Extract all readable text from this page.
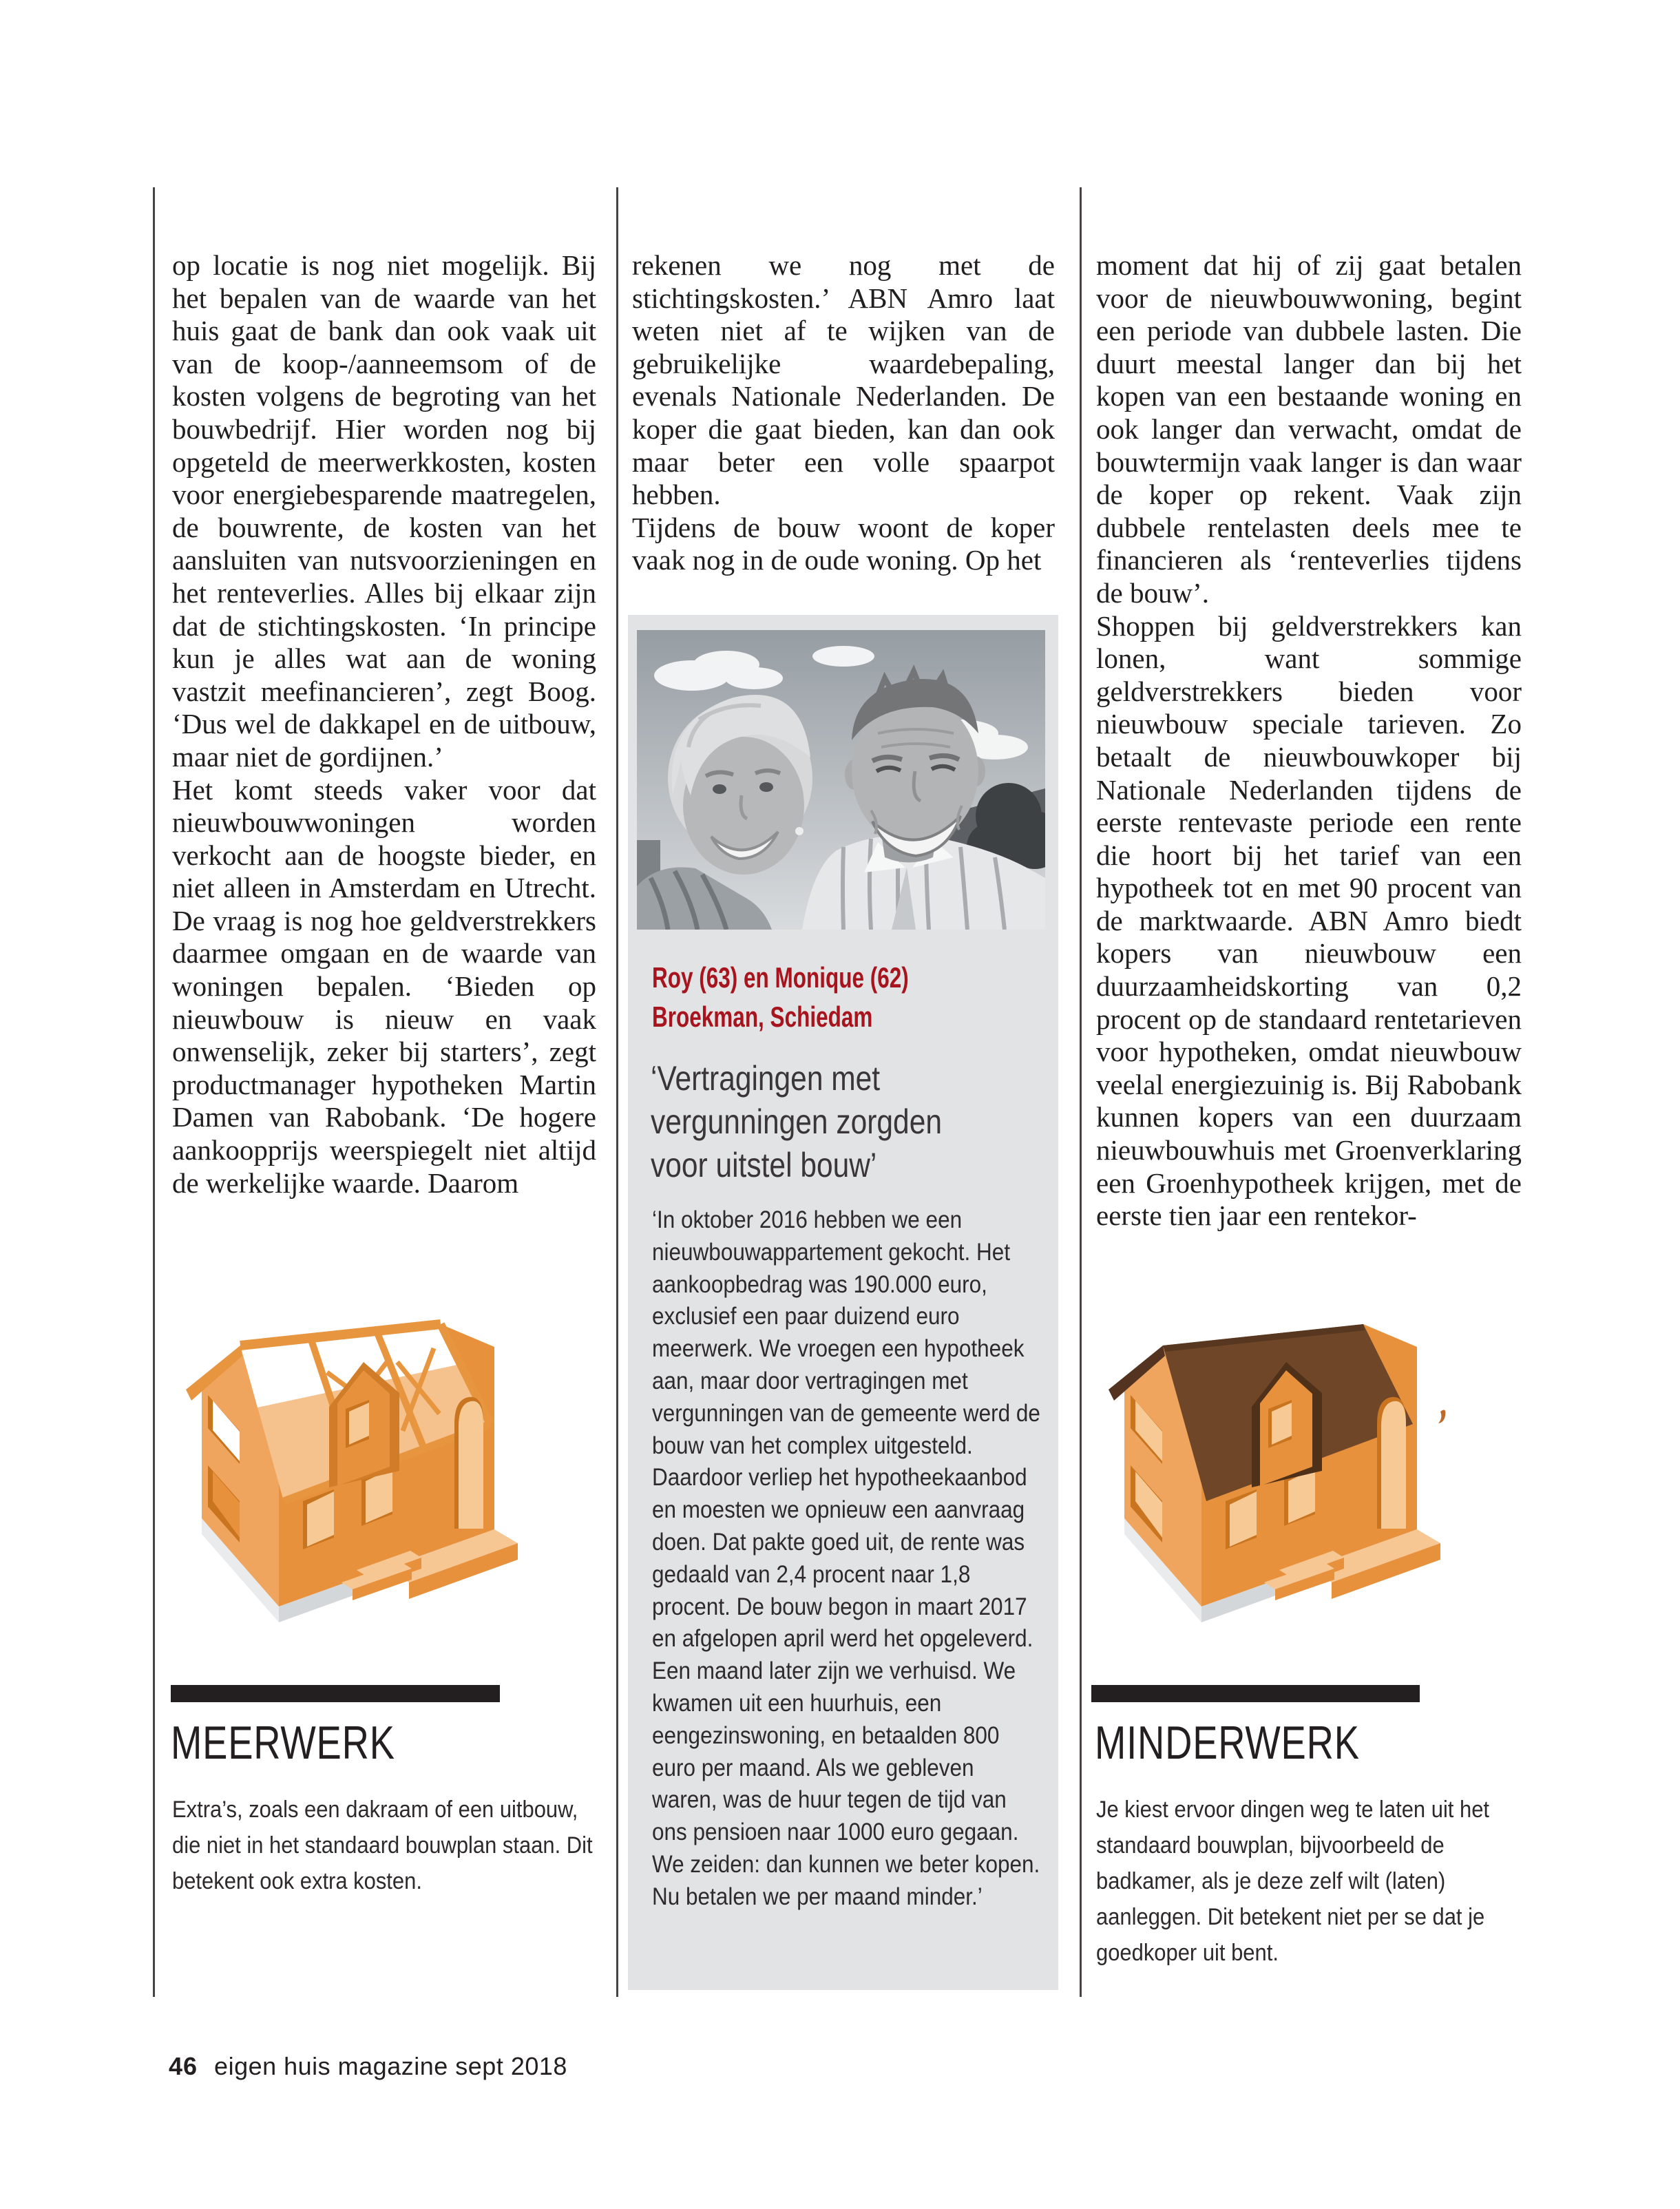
op locatie is nog niet mogelijk. Bij het bepalen van de waarde van het huis gaat de bank dan ook vaak uit van de koop-/aanneemsom of de kosten volgens de begroting van het bouwbedrijf. Hier worden nog bij opgeteld de meerwerkkosten, kosten voor energiebesparende maatregelen, de bouwrente, de kosten van het aansluiten van nutsvoorzieningen en het renteverlies. Alles bij elkaar zijn dat de stichtingskosten. ‘In principe kun je alles wat aan de woning vastzit meefinancieren’, zegt Boog. ‘Dus wel de dakkapel en de uitbouw, maar niet de gordijnen.’

Het komt steeds vaker voor dat nieuwbouwwoningen worden verkocht aan de hoogste bieder, en niet alleen in Amsterdam en Utrecht. De vraag is nog hoe geldverstrekkers daarmee omgaan en de waarde van woningen bepalen. ‘Bieden op nieuwbouw is nieuw en vaak onwenselijk, zeker bij starters’, zegt productmanager hypotheken Martin Damen van Rabobank. ‘De hogere aankoopprijs weerspiegelt niet altijd de werkelijke waarde. Daarom

rekenen we nog met de stichtingskosten.’ ABN Amro laat weten niet af te wijken van de gebruikelijke waardebepaling, evenals Nationale Nederlanden. De koper die gaat bieden, kan dan ook maar beter een volle spaarpot hebben.

Tijdens de bouw woont de koper vaak nog in de oude woning. Op het

moment dat hij of zij gaat betalen voor de nieuwbouwwoning, begint een periode van dubbele lasten. Die duurt meestal langer dan bij het kopen van een bestaande woning en ook langer dan verwacht, omdat de bouwtermijn vaak langer is dan waar de koper op rekent. Vaak zijn dubbele rentelasten deels mee te financieren als ‘renteverlies tijdens de bouw’.

Shoppen bij geldverstrekkers kan lonen, want sommige geldverstrekkers bieden voor nieuwbouw speciale tarieven. Zo betaalt de nieuwbouwkoper bij Nationale Nederlanden tijdens de eerste rentevaste periode een rente die hoort bij het tarief van een hypotheek tot en met 90 procent van de marktwaarde. ABN Amro biedt kopers van nieuwbouw een duurzaamheidskorting van 0,2 procent op de standaard rentetarieven voor hypotheken, omdat nieuwbouw veelal energiezuinig is. Bij Rabobank kunnen kopers van een duurzaam nieuwbouwhuis met Groenverklaring een Groenhypotheek krijgen, met de eerste tien jaar een rentekor-

Roy (63) en Monique (62)
Broekman, Schiedam
‘Vertragingen met vergunningen zorgden voor uitstel bouw’
‘In oktober 2016 hebben we een nieuwbouwappartement gekocht. Het aankoopbedrag was 190.000 euro, exclusief een paar duizend euro meerwerk. We vroegen een hypotheek aan, maar door vertragingen met vergunningen van de gemeente werd de bouw van het complex uitgesteld. Daardoor verliep het hypotheekaanbod en moesten we opnieuw een aanvraag doen. Dat pakte goed uit, de rente was gedaald van 2,4 procent naar 1,8 procent. De bouw begon in maart 2017 en afgelopen april werd het opgeleverd. Een maand later zijn we verhuisd. We kwamen uit een huurhuis, een eengezinswoning, en betaalden 800 euro per maand. Als we gebleven waren, was de huur tegen de tijd van ons pensioen naar 1000 euro gegaan. We zeiden: dan kunnen we beter kopen. Nu betalen we per maand minder.’
MEERWERK
Extra’s, zoals een dakraam of een uitbouw, die niet in het standaard bouwplan staan. Dit betekent ook extra kosten.
MINDERWERK
Je kiest ervoor dingen weg te laten uit het standaard bouwplan, bijvoorbeeld de badkamer, als je deze zelf wilt (laten) aanleggen. Dit betekent niet per se dat je goedkoper uit bent.
46 eigen huis magazine sept 2018
